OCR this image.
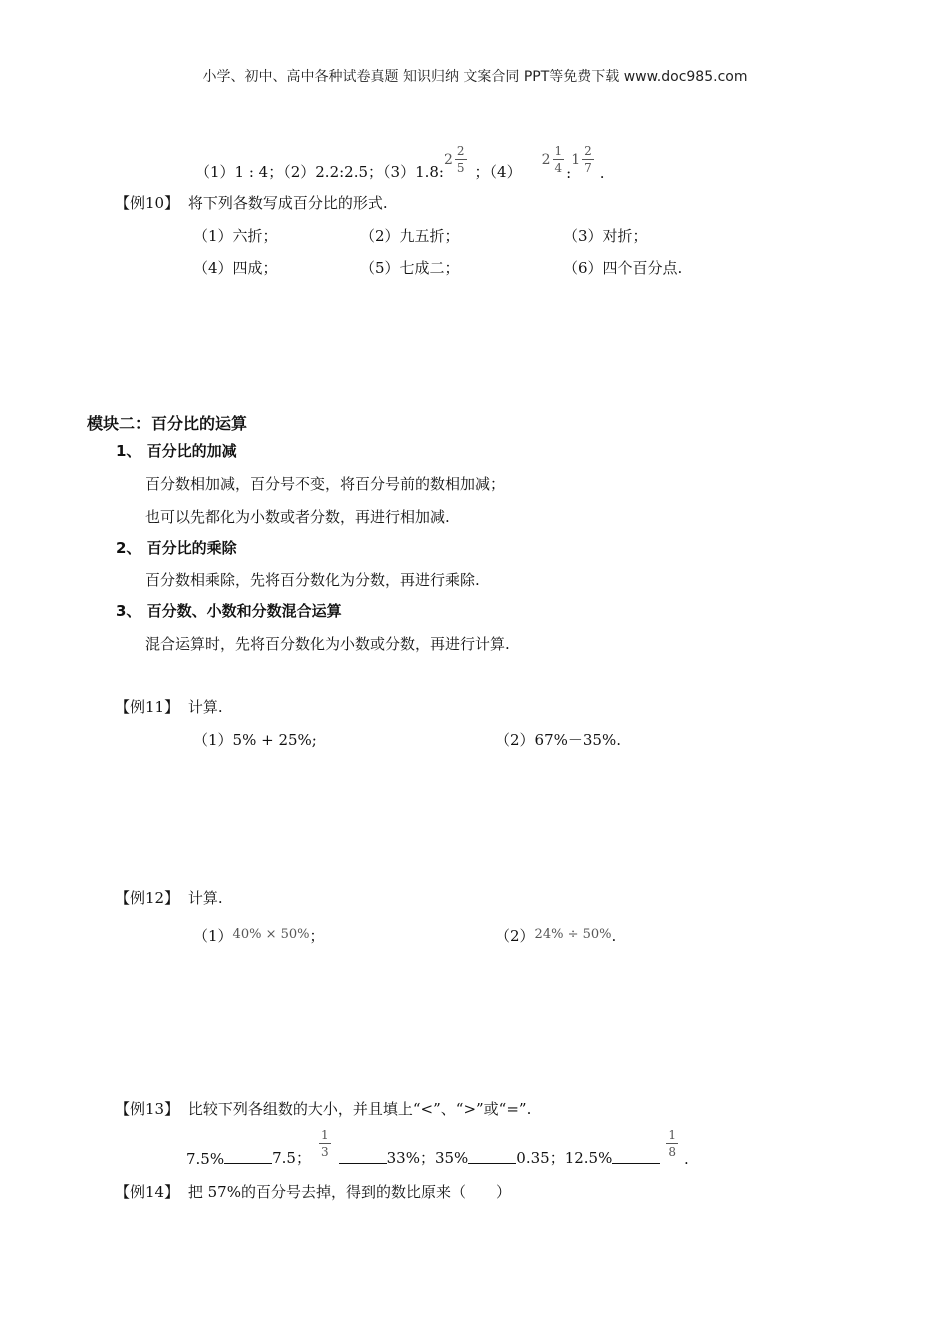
小学、初中、高中各种试卷真题 知识归纳 文案合同 PPT等免费下载 www.doc985.com
（1）1 : 4；（2）2.2:2.5；（3）1.8:
$2 \frac{2}{5}$ ；（4）
$2 \frac{1}{4}$ :
$1 \frac{2}{7}$ .
【例10】 将下列各数写成百分比的形式.
（1）六折；	（2）九五折；	（3）对折；
（4）四成；	（5）七成二；	（6）四个百分点.
模块二：百分比的运算
1、 百分比的加减
百分数相加减，百分号不变，将百分号前的数相加减；
也可以先都化为小数或者分数，再进行相加减.
2、 百分比的乘除
百分数相乘除，先将百分数化为分数，再进行乘除.
3、 百分数、小数和分数混合运算
混合运算时，先将百分数化为小数或分数，再进行计算.
【例11】 计算.
（1）5% + 25%;	（2）67%－35%.
【例12】 计算.
（1）40% × 50%；	（2）24% ÷ 50%.
【例13】 比较下列各组数的大小，并且填上“<”、“>”或“=”.
7.5%	7.5； $\frac{1}{3}$	33%；35%	0.35；12.5%	$\frac{1}{8}$
.
【例14】 把 57%的百分号去掉，得到的数比原来（　　）
